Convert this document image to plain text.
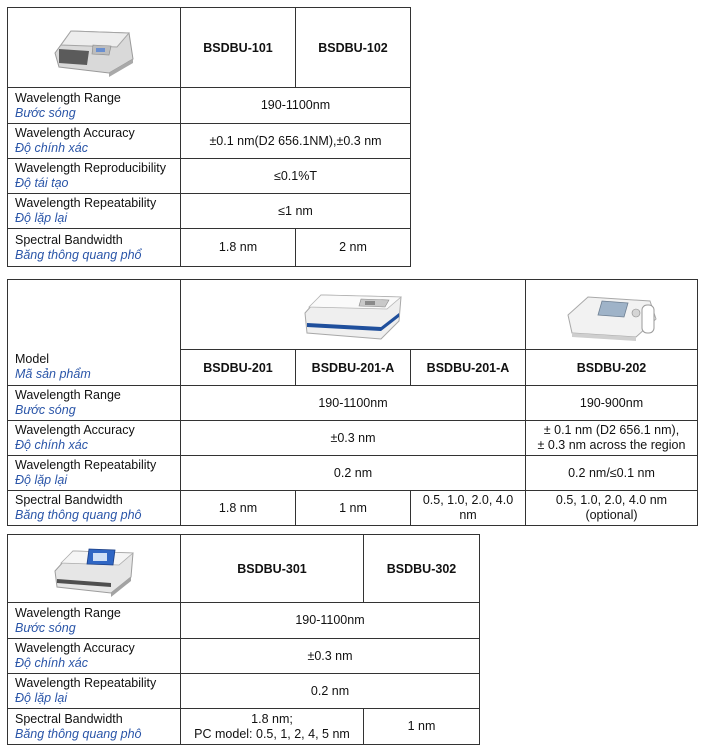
	BSDBU-101	BSDBU-102

Wavelength Range
Bước sóng	190-1100nm	

Wavelength Accuracy
Độ chính xác	±0.1 nm(D2 656.1NM),±0.3 nm	

Wavelength Reproducibility
Độ tái tạo	≤0.1%T	

Wavelength Repeatability
Độ lặp lại	≤1 nm	

Spectral Bandwidth
Băng thông quang phổ	1.8 nm	2 nm
Model
Mã sản phẩm

	BSDBU-201	BSDBU-201-A	BSDBU-201-A	BSDBU-202

Wavelength Range
Bước sóng	190-1100nm			190-900nm

Wavelength Accuracy
Độ chính xác	±0.3 nm			± 0.1 nm (D2 656.1 nm),
± 0.3 nm across the region

Wavelength Repeatability
Độ lặp lại	0.2 nm			0.2 nm/≤0.1 nm

Spectral Bandwidth
Băng thông quang phô	1.8 nm	1 nm	0.5, 1.0, 2.0, 4.0
nm	0.5, 1.0, 2.0, 4.0 nm
(optional)
	BSDBU-301	BSDBU-302

Wavelength Range
Bước sóng	190-1100nm	

Wavelength Accuracy
Độ chính xác	±0.3 nm	

Wavelength Repeatability
Độ lặp lại	0.2 nm	

Spectral Bandwidth
Băng thông quang phô	1.8 nm;
PC model: 0.5, 1, 2, 4, 5 nm	1 nm
